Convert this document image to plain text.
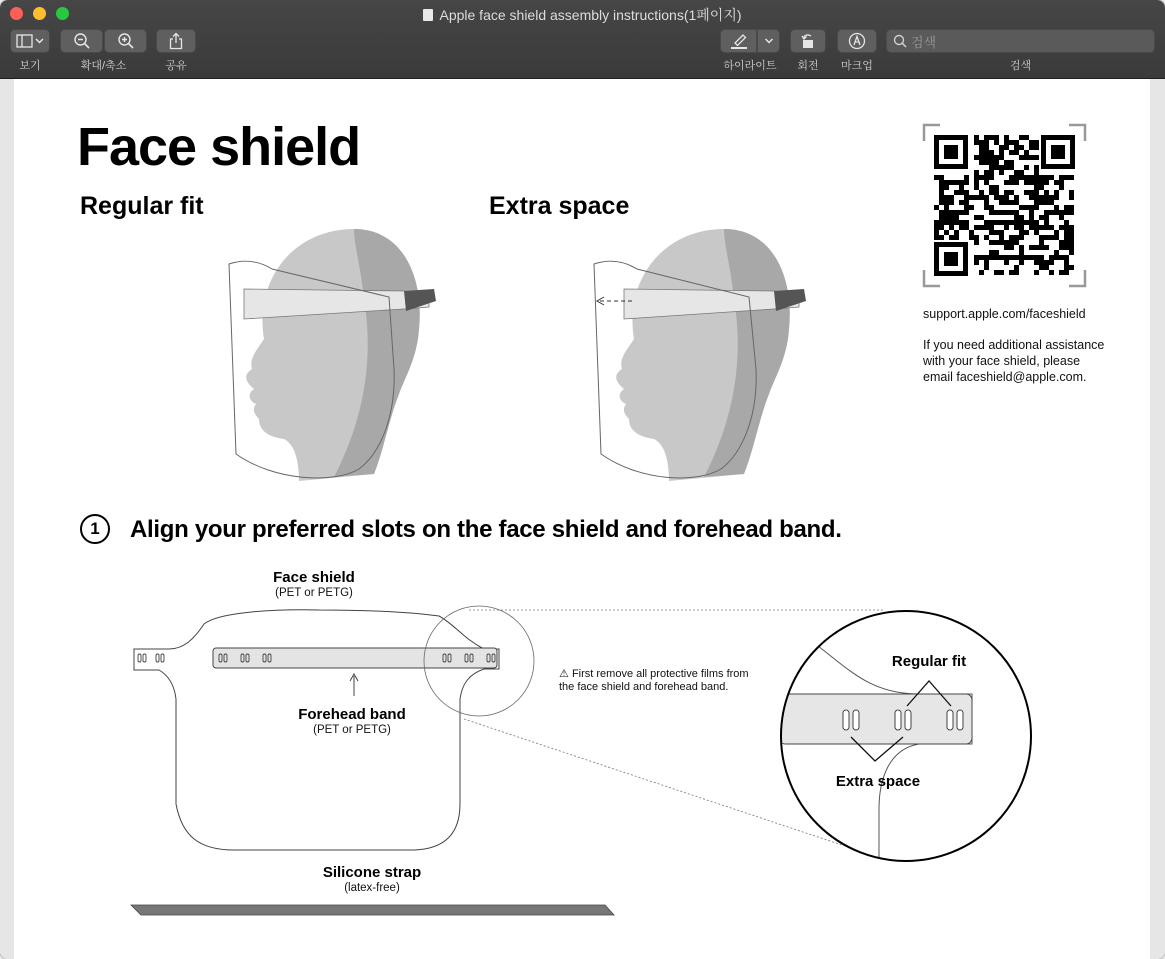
Apple face shield assembly instructions(1페이지)
보기	확대/축소	공유	하이라이트	회전	마크업
검색	검색
Face shield
Regular fit	Extra space
support.apple.com/faceshield
If you need additional assistance
with your face shield, please
email faceshield@apple.com.
1	Align your preferred slots on the face shield and forehead band.
Face shield
(PET or PETG)
Forehead band
(PET or PETG)
⚠ First remove all protective films from
the face shield and forehead band.
Regular fit
Extra space
Silicone strap
(latex-free)
